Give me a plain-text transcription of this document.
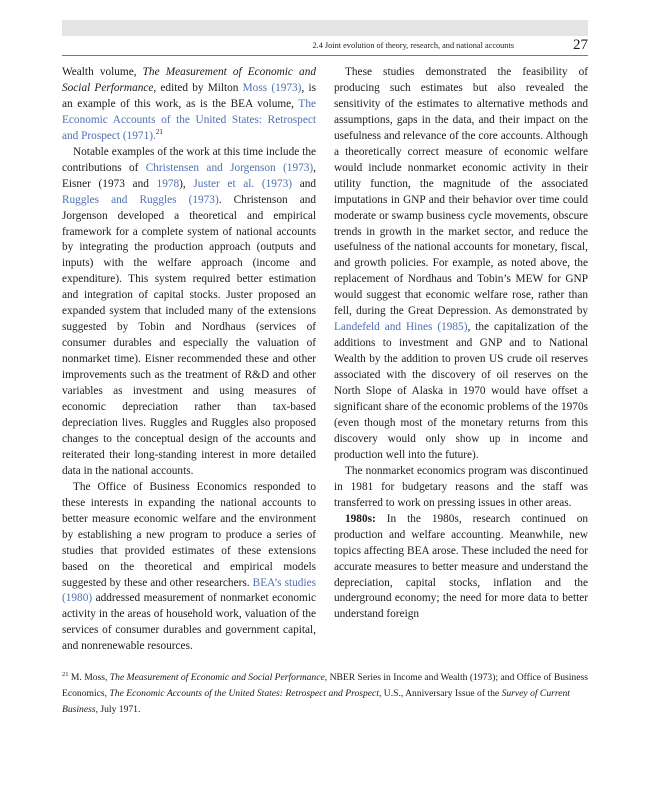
2.4 Joint evolution of theory, research, and national accounts	27

Wealth volume, The Measurement of Economic and Social Performance, edited by Milton Moss (1973), is an example of this work, as is the BEA volume, The Economic Accounts of the United States: Retrospect and Prospect (1971).$^{21}$

Notable examples of the work at this time include the contributions of Christensen and Jorgenson (1973), Eisner (1973 and 1978), Juster et al. (1973) and Ruggles and Ruggles (1973). Christenson and Jorgenson developed a theoretical and empirical framework for a complete system of national accounts by integrating the production approach (outputs and inputs) with the welfare approach (income and expenditure). This system required better estimation and integration of capital stocks. Juster proposed an expanded system that included many of the extensions suggested by Tobin and Nordhaus (services of consumer durables and especially the valuation of nonmarket time). Eisner recommended these and other improvements such as the treatment of R&D and other variables as investment and using measures of economic depreciation rather than tax-based depreciation lives. Ruggles and Ruggles also proposed changes to the conceptual design of the accounts and reiterated their long-standing interest in more detailed data in the national accounts.

The Office of Business Economics responded to these interests in expanding the national accounts to better measure economic welfare and the environment by establishing a new program to produce a series of studies that provided estimates of these extensions based on the theoretical and empirical models suggested by these and other researchers. BEA’s studies (1980) addressed measurement of nonmarket economic activity in the areas of household work, valuation of the services of consumer durables and government capital, and nonrenewable resources.

These studies demonstrated the feasibility of producing such estimates but also revealed the sensitivity of the estimates to alternative methods and assumptions, gaps in the data, and their impact on the usefulness and relevance of the core accounts. Although a theoretically correct measure of economic welfare would include nonmarket economic activity in their utility function, the magnitude of the associated imputations in GNP and their behavior over time could moderate or swamp business cycle movements, obscure trends in growth in the market sector, and reduce the usefulness of the national accounts for monetary, fiscal, and growth policies. For example, as noted above, the replacement of Nordhaus and Tobin’s MEW for GNP would suggest that economic welfare rose, rather than fell, during the Great Depression. As demonstrated by Landefeld and Hines (1985), the capitalization of the additions to investment and GNP and to National Wealth by the addition to proven US crude oil reserves associated with the discovery of oil reserves on the North Slope of Alaska in 1970 would have offset a significant share of the economic problems of the 1970s (even though most of the monetary returns from this discovery would only show up in income and production well into the future).

The nonmarket economics program was discontinued in 1981 for budgetary reasons and the staff was transferred to work on pressing issues in other areas.

1980s: In the 1980s, research continued on production and welfare accounting. Meanwhile, new topics affecting BEA arose. These included the need for accurate measures to better measure and understand the depreciation, capital stocks, inflation and the underground economy; the need for more data to better understand foreign

$^{21}$ M. Moss, The Measurement of Economic and Social Performance, NBER Series in Income and Wealth (1973); and Office of Business Economics, The Economic Accounts of the United States: Retrospect and Prospect, U.S., Anniversary Issue of the Survey of Current Business, July 1971.
